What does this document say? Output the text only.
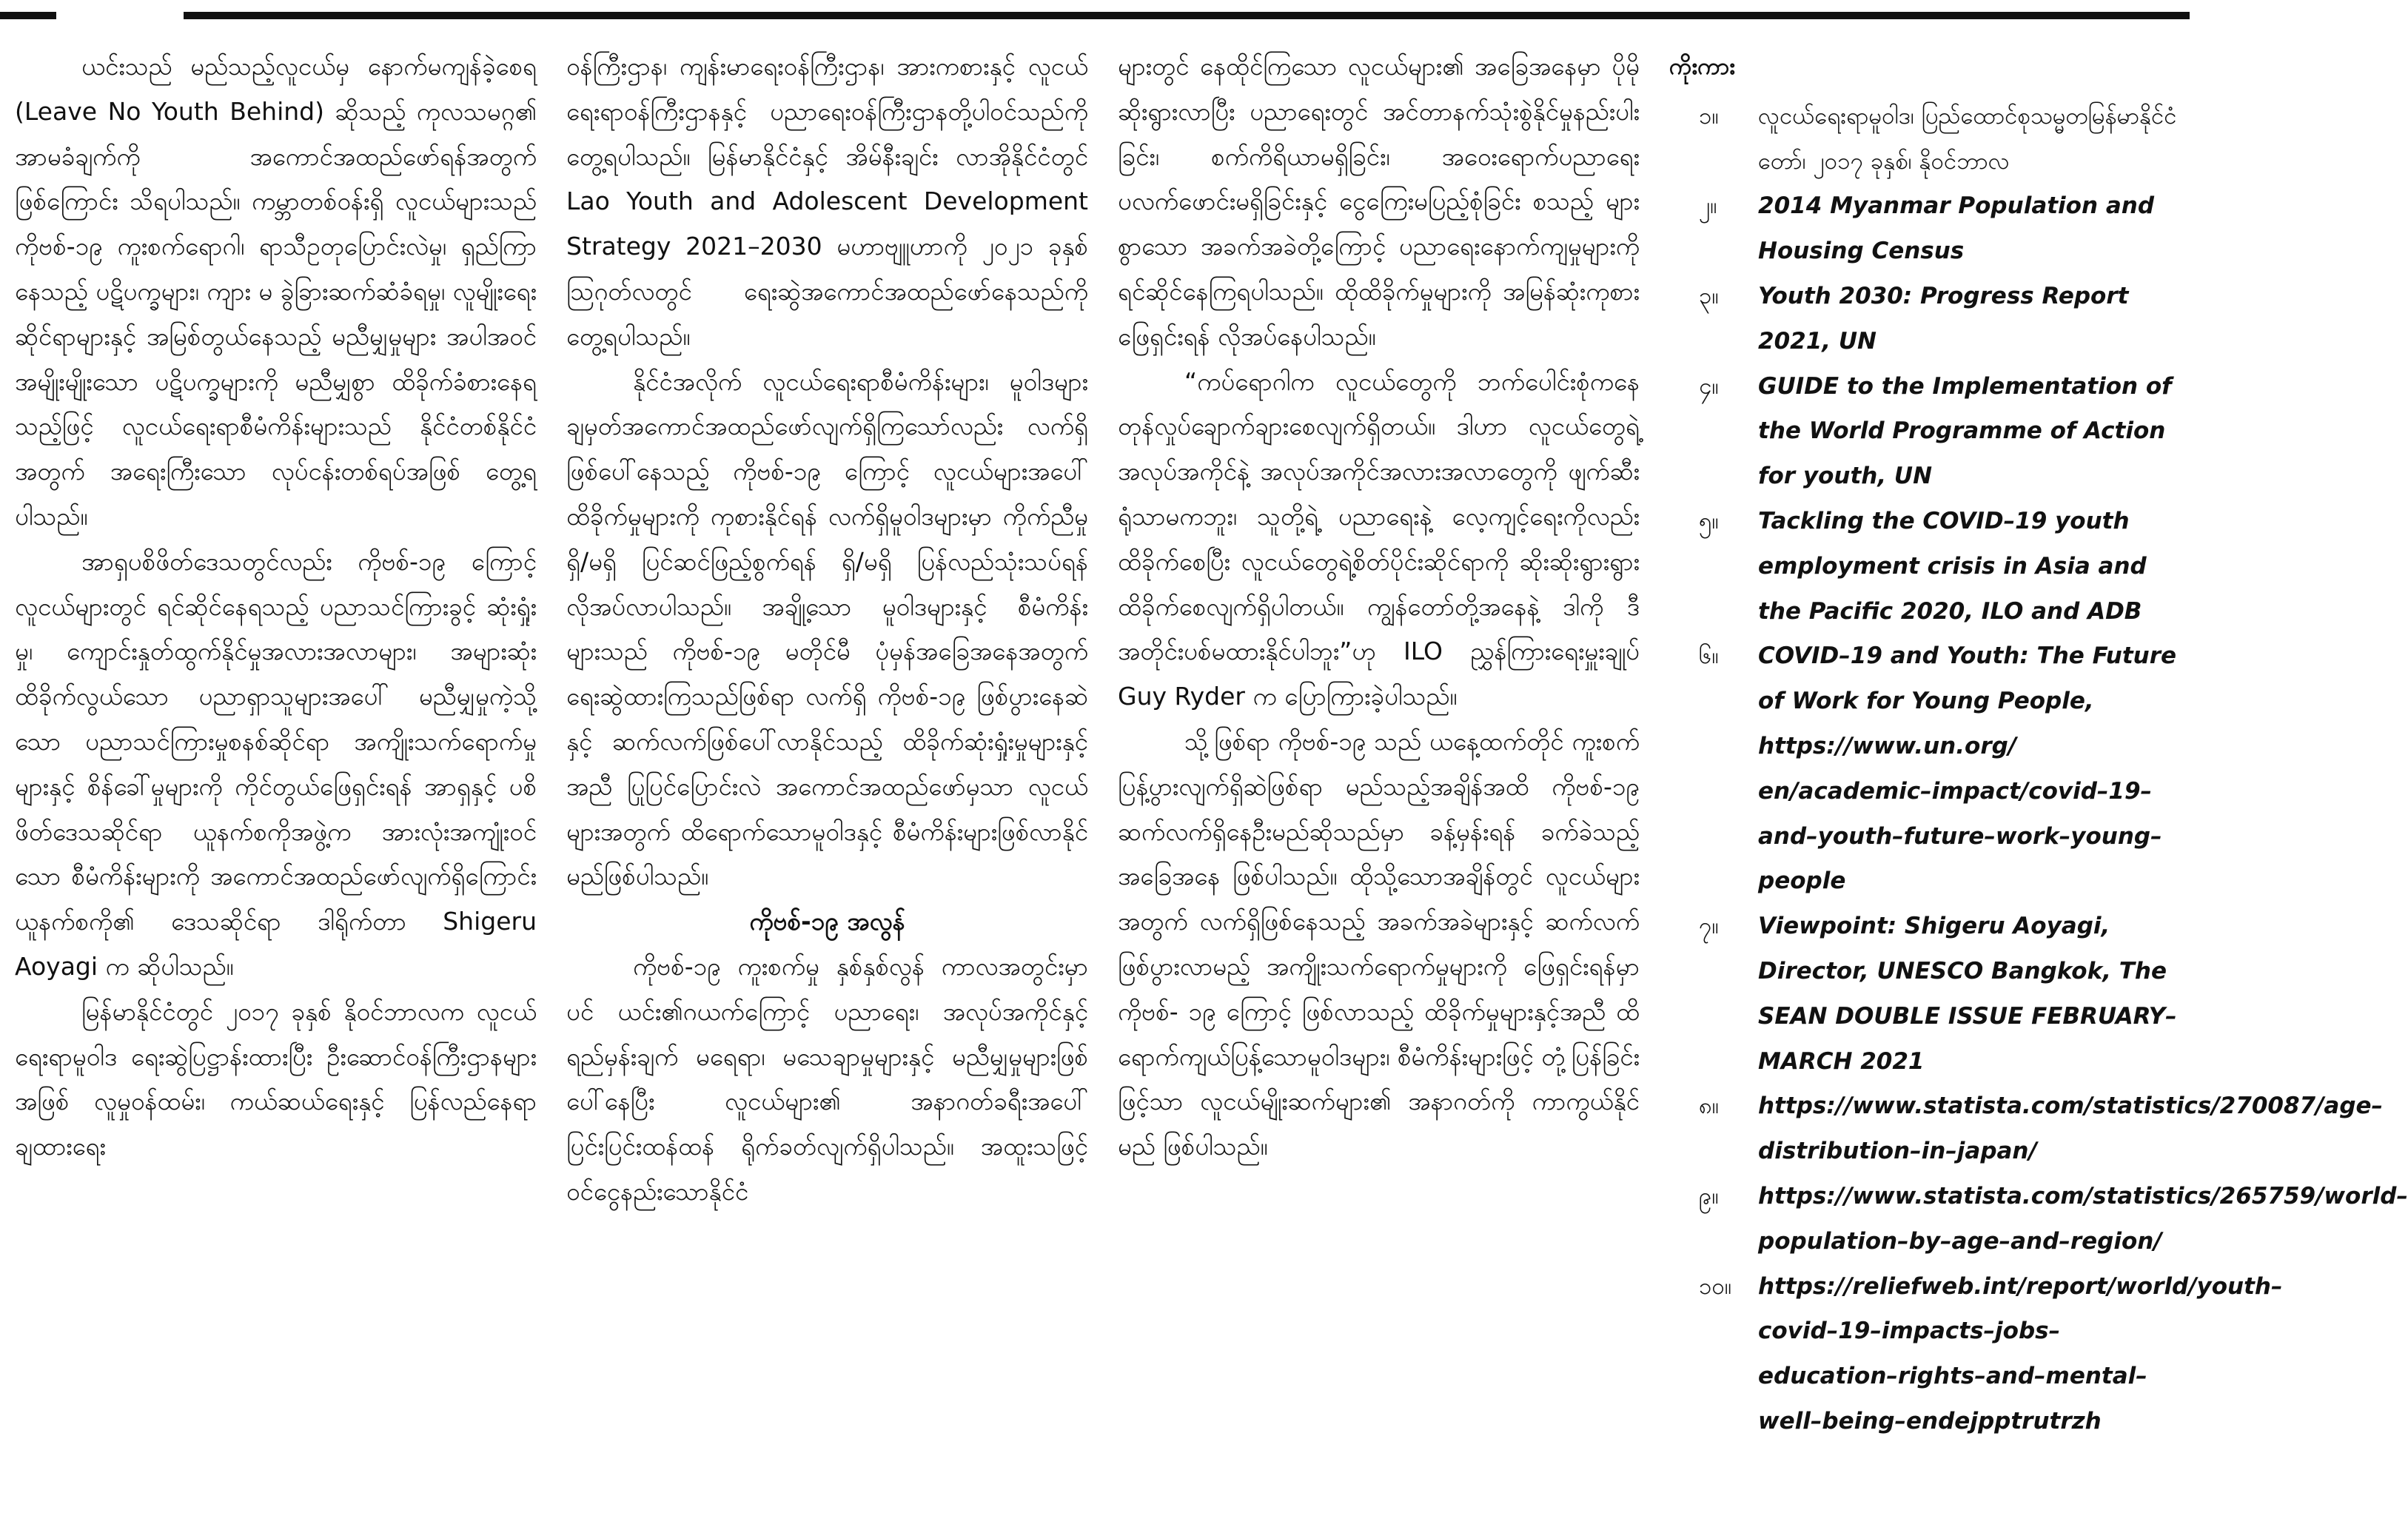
ယင်းသည် မည်သည့်လူငယ်မှ နောက်မကျန်ခဲ့စေရ (Leave No Youth Behind) ဆိုသည့် ကုလသမဂ္ဂ၏ အာမခံချက်ကို အကောင်အထည်ဖော်ရန်အတွက်ဖြစ်ကြောင်း သိရပါသည်။ ကမ္ဘာတစ်ဝန်းရှိ လူငယ်များသည် ကိုဗစ်-၁၉ ကူးစက်ရောဂါ၊ ရာသီဥတုပြောင်းလဲမှု၊ ရှည်ကြာနေသည့် ပဋိပက္ခများ၊ ကျား မ ခွဲခြားဆက်ဆံခံရမှု၊ လူမျိုးရေးဆိုင်ရာများနှင့် အမြစ်တွယ်နေသည့် မညီမျှမှုများ အပါအဝင် အမျိုးမျိုးသော ပဋိပက္ခများကို မညီမျှစွာ ထိခိုက်ခံစားနေရသည့်ဖြင့် လူငယ်ရေးရာစီမံကိန်းများသည် နိုင်ငံတစ်နိုင်ငံအတွက် အရေးကြီးသော လုပ်ငန်းတစ်ရပ်အဖြစ် တွေ့ရပါသည်။

အာရှပစိဖိတ်ဒေသတွင်လည်း ကိုဗစ်-၁၉ ကြောင့် လူငယ်များတွင် ရင်ဆိုင်နေရသည့် ပညာသင်ကြားခွင့် ဆုံးရှုံးမှု၊ ကျောင်းနှုတ်ထွက်နိုင်မှုအလားအလာများ၊ အများဆုံးထိခိုက်လွယ်သော ပညာရှာသူများအပေါ် မညီမျှမှုကဲ့သို့သော ပညာသင်ကြားမှုစနစ်ဆိုင်ရာ အကျိုးသက်ရောက်မှုများနှင့် စိန်ခေါ်မှုများကို ကိုင်တွယ်ဖြေရှင်းရန် အာရှနှင့် ပစိဖိတ်ဒေသဆိုင်ရာ ယူနက်စကိုအဖွဲ့က အားလုံးအကျုံးဝင်သော စီမံကိန်းများကို အကောင်အထည်ဖော်လျက်ရှိကြောင်း ယူနက်စကို၏ ဒေသဆိုင်ရာ ဒါရိုက်တာ Shigeru Aoyagi က ဆိုပါသည်။

မြန်မာနိုင်ငံတွင် ၂၀၁၇ ခုနှစ် နိုဝင်ဘာလက လူငယ်ရေးရာမူဝါဒ ရေးဆွဲပြဋ္ဌာန်းထားပြီး ဦးဆောင်ဝန်ကြီးဌာနများအဖြစ် လူမှုဝန်ထမ်း၊ ကယ်ဆယ်ရေးနှင့် ပြန်လည်နေရာချထားရေး

ဝန်ကြီးဌာန၊ ကျန်းမာရေးဝန်ကြီးဌာန၊ အားကစားနှင့် လူငယ်ရေးရာဝန်ကြီးဌာနနှင့် ပညာရေးဝန်ကြီးဌာနတို့ပါဝင်သည်ကို တွေ့ရပါသည်။ မြန်မာနိုင်ငံနှင့် အိမ်နီးချင်း လာအိုနိုင်ငံတွင် Lao Youth and Adolescent Development Strategy 2021–2030 မဟာဗျူဟာကို ၂၀၂၁ ခုနှစ် ဩဂုတ်လတွင် ရေးဆွဲအကောင်အထည်ဖော်နေသည်ကို တွေ့ရပါသည်။

နိုင်ငံအလိုက် လူငယ်ရေးရာစီမံကိန်းများ၊ မူဝါဒများ ချမှတ်အကောင်အထည်ဖော်လျက်ရှိကြသော်လည်း လက်ရှိဖြစ်ပေါ်နေသည့် ကိုဗစ်-၁၉ ကြောင့် လူငယ်များအပေါ် ထိခိုက်မှုများကို ကုစားနိုင်ရန် လက်ရှိမူဝါဒများမှာ ကိုက်ညီမှုရှိ/မရှိ ပြင်ဆင်ဖြည့်စွက်ရန် ရှိ/မရှိ ပြန်လည်သုံးသပ်ရန် လိုအပ်လာပါသည်။ အချို့သော မူဝါဒများနှင့် စီမံကိန်းများသည် ကိုဗစ်-၁၉ မတိုင်မီ ပုံမှန်အခြေအနေအတွက် ရေးဆွဲထားကြသည်ဖြစ်ရာ လက်ရှိ ကိုဗစ်-၁၉ ဖြစ်ပွားနေဆဲနှင့် ဆက်လက်ဖြစ်ပေါ်လာနိုင်သည့် ထိခိုက်ဆုံးရှုံးမှုများနှင့်အညီ ပြုပြင်ပြောင်းလဲ အကောင်အထည်ဖော်မှသာ လူငယ်များအတွက် ထိရောက်သောမူဝါဒနှင့် စီမံကိန်းများဖြစ်လာနိုင်မည်ဖြစ်ပါသည်။

ကိုဗစ်-၁၉ အလွန်

ကိုဗစ်-၁၉ ကူးစက်မှု နှစ်နှစ်လွန် ကာလအတွင်းမှာပင် ယင်း၏ဂယက်ကြောင့် ပညာရေး၊ အလုပ်အကိုင်နှင့် ရည်မှန်းချက် မရေရာ၊ မသေချာမှုများနှင့် မညီမျှမှုများဖြစ်ပေါ်နေပြီး လူငယ်များ၏ အနာဂတ်ခရီးအပေါ် ပြင်းပြင်းထန်ထန် ရိုက်ခတ်လျက်ရှိပါသည်။ အထူးသဖြင့် ဝင်ငွေနည်းသောနိုင်ငံ

များတွင် နေထိုင်ကြသော လူငယ်များ၏ အခြေအနေမှာ ပိုမိုဆိုးရွားလာပြီး ပညာရေးတွင် အင်တာနက်သုံးစွဲနိုင်မှုနည်းပါးခြင်း၊ စက်ကိရိယာမရှိခြင်း၊ အဝေးရောက်ပညာရေးပလက်ဖောင်းမရှိခြင်းနှင့် ငွေကြေးမပြည့်စုံခြင်း စသည့် များစွာသော အခက်အခဲတို့ကြောင့် ပညာရေးနောက်ကျမှုများကို ရင်ဆိုင်နေကြရပါသည်။ ထိုထိခိုက်မှုများကို အမြန်ဆုံးကုစားဖြေရှင်းရန် လိုအပ်နေပါသည်။

“ကပ်ရောဂါက လူငယ်တွေကို ဘက်ပေါင်းစုံကနေ တုန်လှုပ်ချောက်ချားစေလျက်ရှိတယ်။ ဒါဟာ လူငယ်တွေရဲ့ အလုပ်အကိုင်နဲ့ အလုပ်အကိုင်အလားအလာတွေကို ဖျက်ဆီးရုံသာမကဘူး၊ သူတို့ရဲ့ ပညာရေးနဲ့ လေ့ကျင့်ရေးကိုလည်း ထိခိုက်စေပြီး လူငယ်တွေရဲ့စိတ်ပိုင်းဆိုင်ရာကို ဆိုးဆိုးရွားရွား ထိခိုက်စေလျက်ရှိပါတယ်။ ကျွန်တော်တို့အနေနဲ့ ဒါကို ဒီအတိုင်းပစ်မထားနိုင်ပါဘူး”ဟု ILO ညွှန်ကြားရေးမှူးချုပ် Guy Ryder က ပြောကြားခဲ့ပါသည်။

သို့ဖြစ်ရာ ကိုဗစ်-၁၉ သည် ယနေ့ထက်တိုင် ကူးစက်ပြန့်ပွားလျက်ရှိဆဲဖြစ်ရာ မည်သည့်အချိန်အထိ ကိုဗစ်-၁၉ ဆက်လက်ရှိနေဦးမည်ဆိုသည်မှာ ခန့်မှန်းရန် ခက်ခဲသည့်အခြေအနေ ဖြစ်ပါသည်။ ထိုသို့သောအချိန်တွင် လူငယ်များအတွက် လက်ရှိဖြစ်နေသည့် အခက်အခဲများနှင့် ဆက်လက်ဖြစ်ပွားလာမည့် အကျိုးသက်ရောက်မှုများကို ဖြေရှင်းရန်မှာ ကိုဗစ်- ၁၉ ကြောင့် ဖြစ်လာသည့် ထိခိုက်မှုများနှင့်အညီ ထိရောက်ကျယ်ပြန့်သောမူဝါဒများ၊ စီမံကိန်းများဖြင့် တုံ့ပြန်ခြင်းဖြင့်သာ လူငယ်မျိုးဆက်များ၏ အနာဂတ်ကို ကာကွယ်နိုင်မည် ဖြစ်ပါသည်။

ကိုးကား
၁။ လူငယ်ရေးရာမူဝါဒ၊ ပြည်ထောင်စုသမ္မတမြန်မာနိုင်ငံတော်၊ ၂၀၁၇ ခုနှစ်၊ နိုဝင်ဘာလ
၂။ 2014 Myanmar Population and Housing Census
၃။ Youth 2030: Progress Report 2021, UN
၄။ GUIDE to the Implementation of the World Programme of Action for youth, UN
၅။ Tackling the COVID–19 youth employment crisis in Asia and the Pacific 2020, ILO and ADB
၆။ COVID–19 and Youth: The Future of Work for Young People, https://www.un.org/ en/academic–impact/covid–19–and–youth–future–work–young–people
၇။ Viewpoint: Shigeru Aoyagi, Director, UNESCO Bangkok, The SEAN DOUBLE ISSUE FEBRUARY–MARCH 2021
၈။ https://www.statista.com/statistics/270087/age–distribution–in–japan/
၉။ https://www.statista.com/statistics/265759/world–population–by–age–and–region/
၁၀။ https://reliefweb.int/report/world/youth–covid–19–impacts–jobs–education–rights–and–mental–well–being–endejpptrutrzh
